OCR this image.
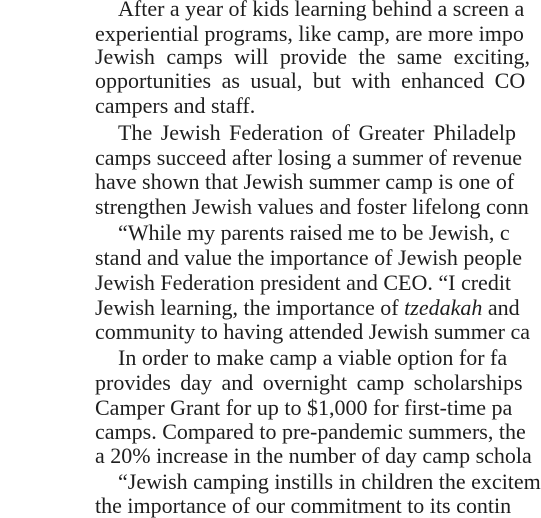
After a year of kids learning behind a screen a
experiential programs, like camp, are more impo
Jewish camps will provide the same exciting,
opportunities as usual, but with enhanced CO
campers and staff.
The Jewish Federation of Greater Philadelp
camps succeed after losing a summer of revenue
have shown that Jewish summer camp is one of
strengthen Jewish values and foster lifelong conn
“While my parents raised me to be Jewish, c
stand and value the importance of Jewish people
Jewish Federation president and CEO. “I credit
Jewish learning, the importance of tzedakah and
community to having attended Jewish summer ca
In order to make camp a viable option for fa
provides day and overnight camp scholarships
Camper Grant for up to $1,000 for first-time pa
camps. Compared to pre-pandemic summers, the
a 20% increase in the number of day camp schola
“Jewish camping instills in children the excitem
the importance of our commitment to its contin
